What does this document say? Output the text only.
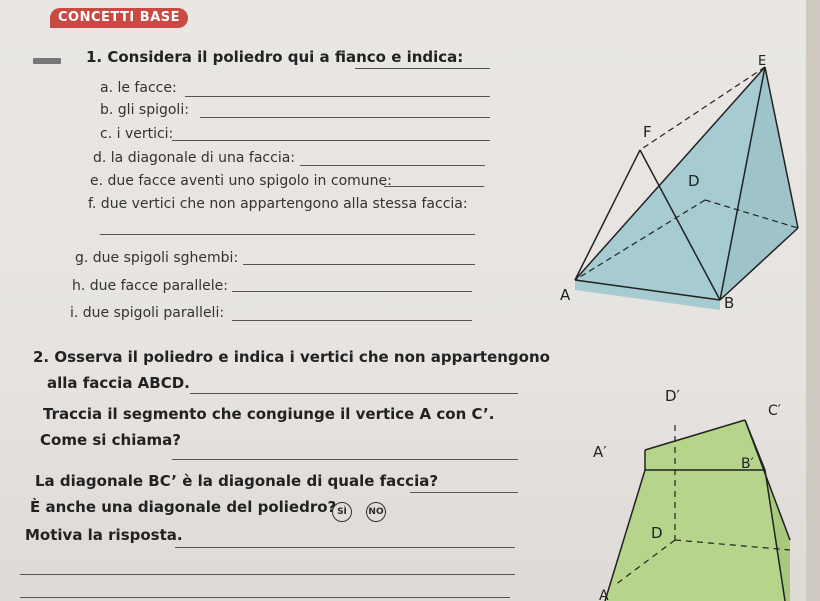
CONCETTI BASE
1. Considera il poliedro qui a fianco e indica:
a. le facce:
b. gli spigoli:
c. i vertici:
d. la diagonale di una faccia:
e. due facce aventi uno spigolo in comune:
f. due vertici che non appartengono alla stessa faccia:
g. due spigoli sghembi:
h. due facce parallele:
i. due spigoli paralleli:
2. Osserva il poliedro e indica i vertici che non appartengono
alla faccia ABCD.
Traccia il segmento che congiunge il vertice A con C’.
Come si chiama?
La diagonale BC’ è la diagonale di quale faccia?
È anche una diagonale del poliedro? SÌ	NO
Motiva la risposta.
E
F
D
A	B
D′
C′
A′
B′
D
A
